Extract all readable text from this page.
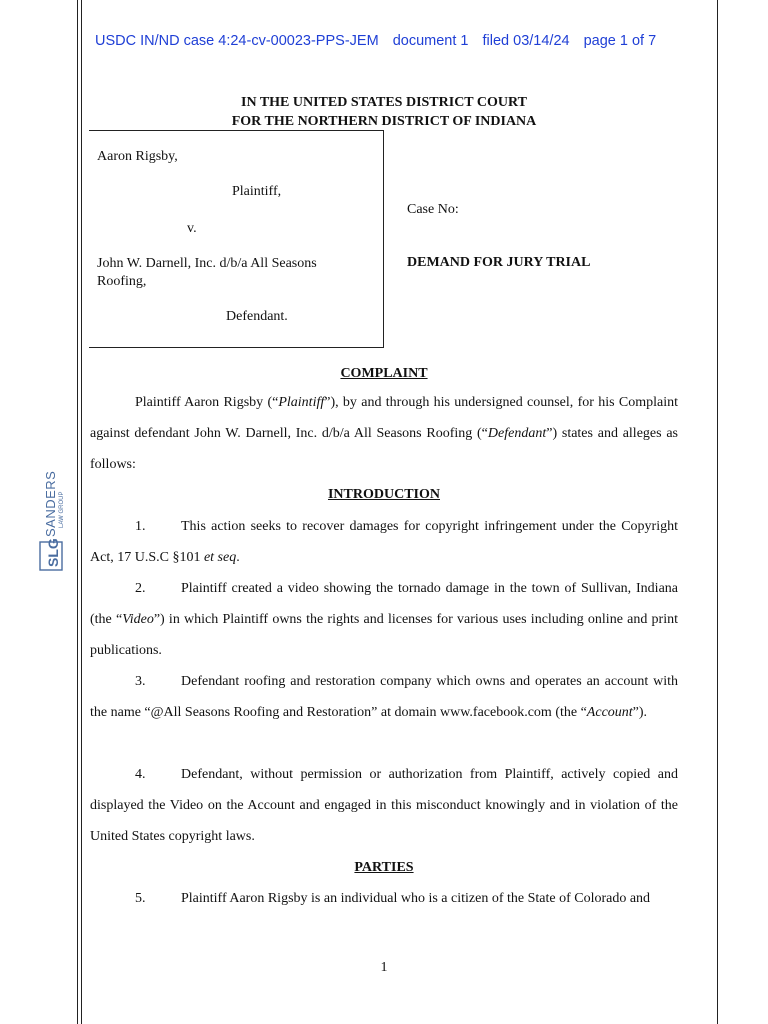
USDC IN/ND case 4:24-cv-00023-PPS-JEM document 1 filed 03/14/24 page 1 of 7
IN THE UNITED STATES DISTRICT COURT
FOR THE NORTHERN DISTRICT OF INDIANA
Aaron Rigsby,
Plaintiff,
v.
John W. Darnell, Inc. d/b/a All Seasons
Roofing,
Defendant.
Case No:
DEMAND FOR JURY TRIAL
SLG
SANDERS LAW GROUP
COMPLAINT
INTRODUCTION
PARTIES
Plaintiff Aaron Rigsby (“Plaintiff”), by and through his undersigned counsel, for his Complaint against defendant John W. Darnell, Inc. d/b/a All Seasons Roofing (“Defendant”) states and alleges as follows:
1.	This action seeks to recover damages for copyright infringement under the Copyright Act, 17 U.S.C §101 et seq.
2.	Plaintiff created a video showing the tornado damage in the town of Sullivan, Indiana (the “Video”) in which Plaintiff owns the rights and licenses for various uses including online and print publications.
3.	Defendant roofing and restoration company which owns and operates an account with the name “@All Seasons Roofing and Restoration” at domain www.facebook.com (the “Account”).
4.	Defendant, without permission or authorization from Plaintiff, actively copied and displayed the Video on the Account and engaged in this misconduct knowingly and in violation of the United States copyright laws.
5.	Plaintiff Aaron Rigsby is an individual who is a citizen of the State of Colorado and
1
